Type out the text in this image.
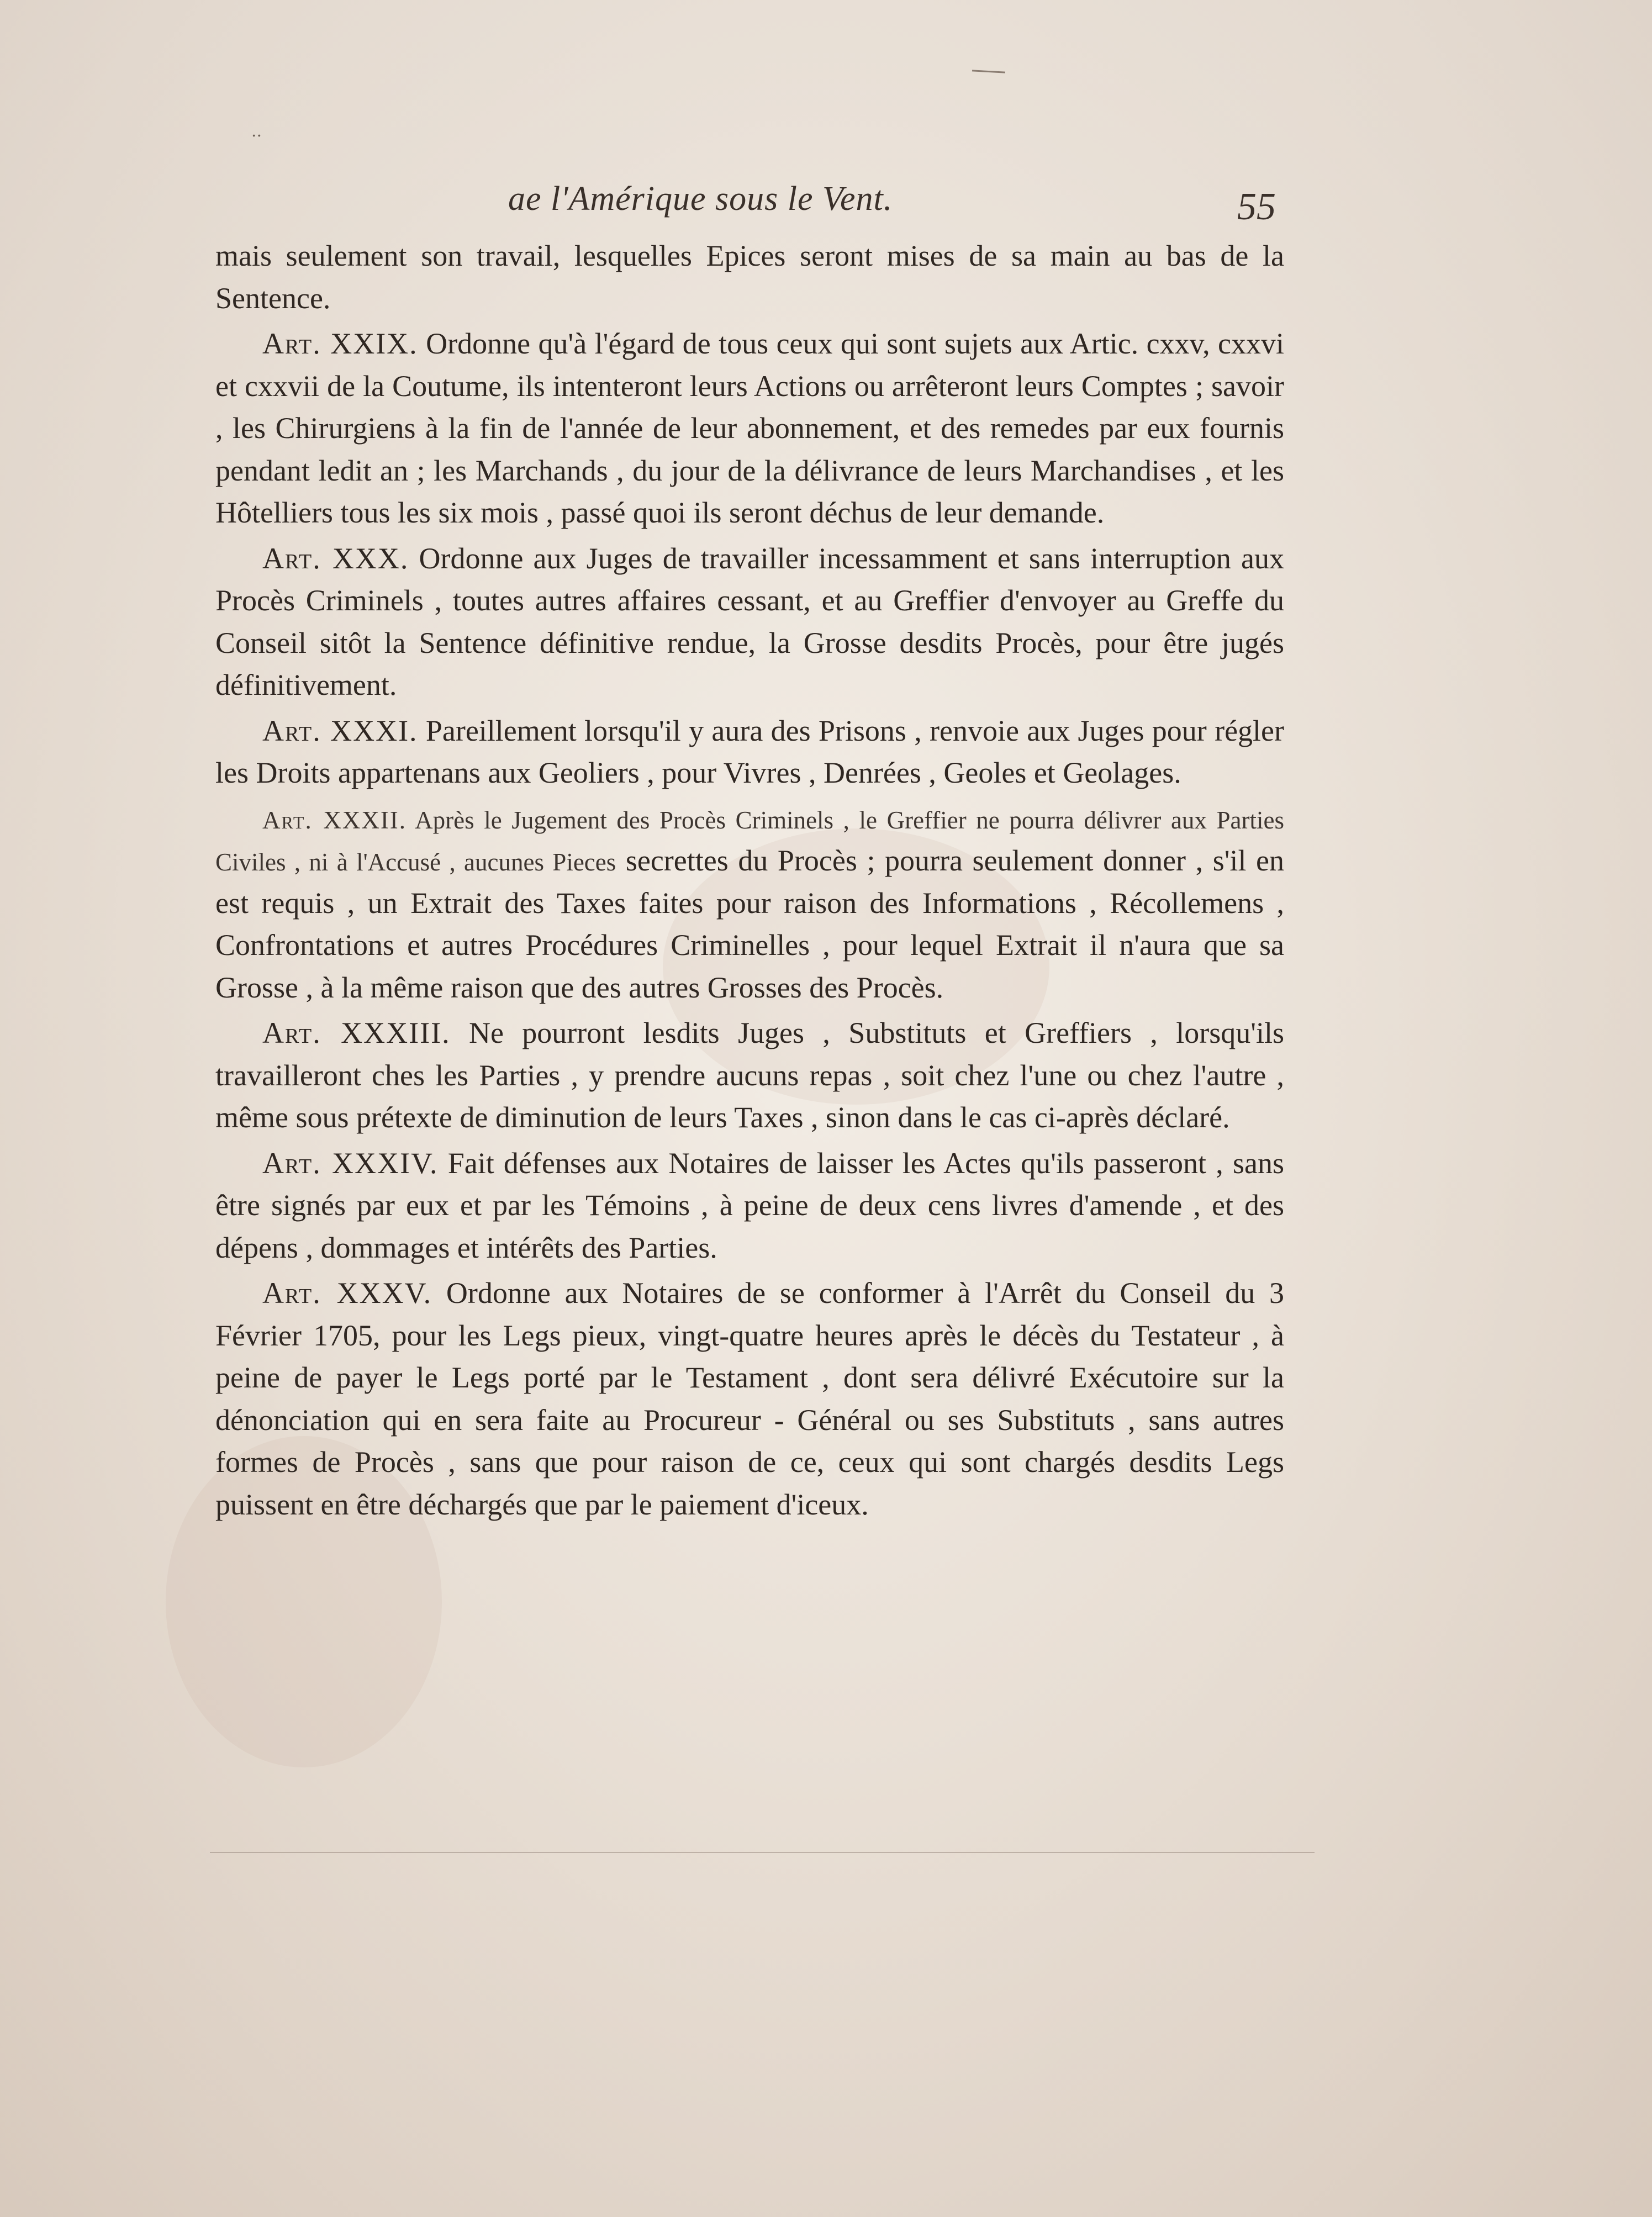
..
ae l'Amérique sous le Vent.	55

mais seulement son travail, lesquelles Epices seront mises de sa main au bas de la Sentence.

Art. XXIX. Ordonne qu'à l'égard de tous ceux qui sont sujets aux Artic. cxxv, cxxvi et cxxvii de la Coutume, ils intenteront leurs Actions ou arrêteront leurs Comptes ; savoir , les Chirurgiens à la fin de l'année de leur abonnement, et des remedes par eux fournis pendant ledit an ; les Marchands , du jour de la délivrance de leurs Marchandises , et les Hôtelliers tous les six mois , passé quoi ils seront déchus de leur demande.

Art. XXX. Ordonne aux Juges de travailler incessamment et sans interruption aux Procès Criminels , toutes autres affaires cessant, et au Greffier d'envoyer au Greffe du Conseil sitôt la Sentence définitive rendue, la Grosse desdits Procès, pour être jugés définitivement.

Art. XXXI. Pareillement lorsqu'il y aura des Prisons , renvoie aux Juges pour régler les Droits appartenans aux Geoliers , pour Vivres , Denrées , Geoles et Geolages.

Art. XXXII. Après le Jugement des Procès Criminels , le Greffier ne pourra délivrer aux Parties Civiles , ni à l'Accusé , aucunes Pieces secrettes du Procès ; pourra seulement donner , s'il en est requis , un Extrait des Taxes faites pour raison des Informations , Récollemens , Confrontations et autres Procédures Criminelles , pour lequel Extrait il n'aura que sa Grosse , à la même raison que des autres Grosses des Procès.

Art. XXXIII. Ne pourront lesdits Juges , Substituts et Greffiers , lorsqu'ils travailleront ches les Parties , y prendre aucuns repas , soit chez l'une ou chez l'autre , même sous prétexte de diminution de leurs Taxes , sinon dans le cas ci-après déclaré.

Art. XXXIV. Fait défenses aux Notaires de laisser les Actes qu'ils passeront , sans être signés par eux et par les Témoins , à peine de deux cens livres d'amende , et des dépens , dommages et intérêts des Parties.

Art. XXXV. Ordonne aux Notaires de se conformer à l'Arrêt du Conseil du 3 Février 1705, pour les Legs pieux, vingt-quatre heures après le décès du Testateur , à peine de payer le Legs porté par le Testament , dont sera délivré Exécutoire sur la dénonciation qui en sera faite au Procureur - Général ou ses Substituts , sans autres formes de Procès , sans que pour raison de ce, ceux qui sont chargés desdits Legs puissent en être déchargés que par le paiement d'iceux.
